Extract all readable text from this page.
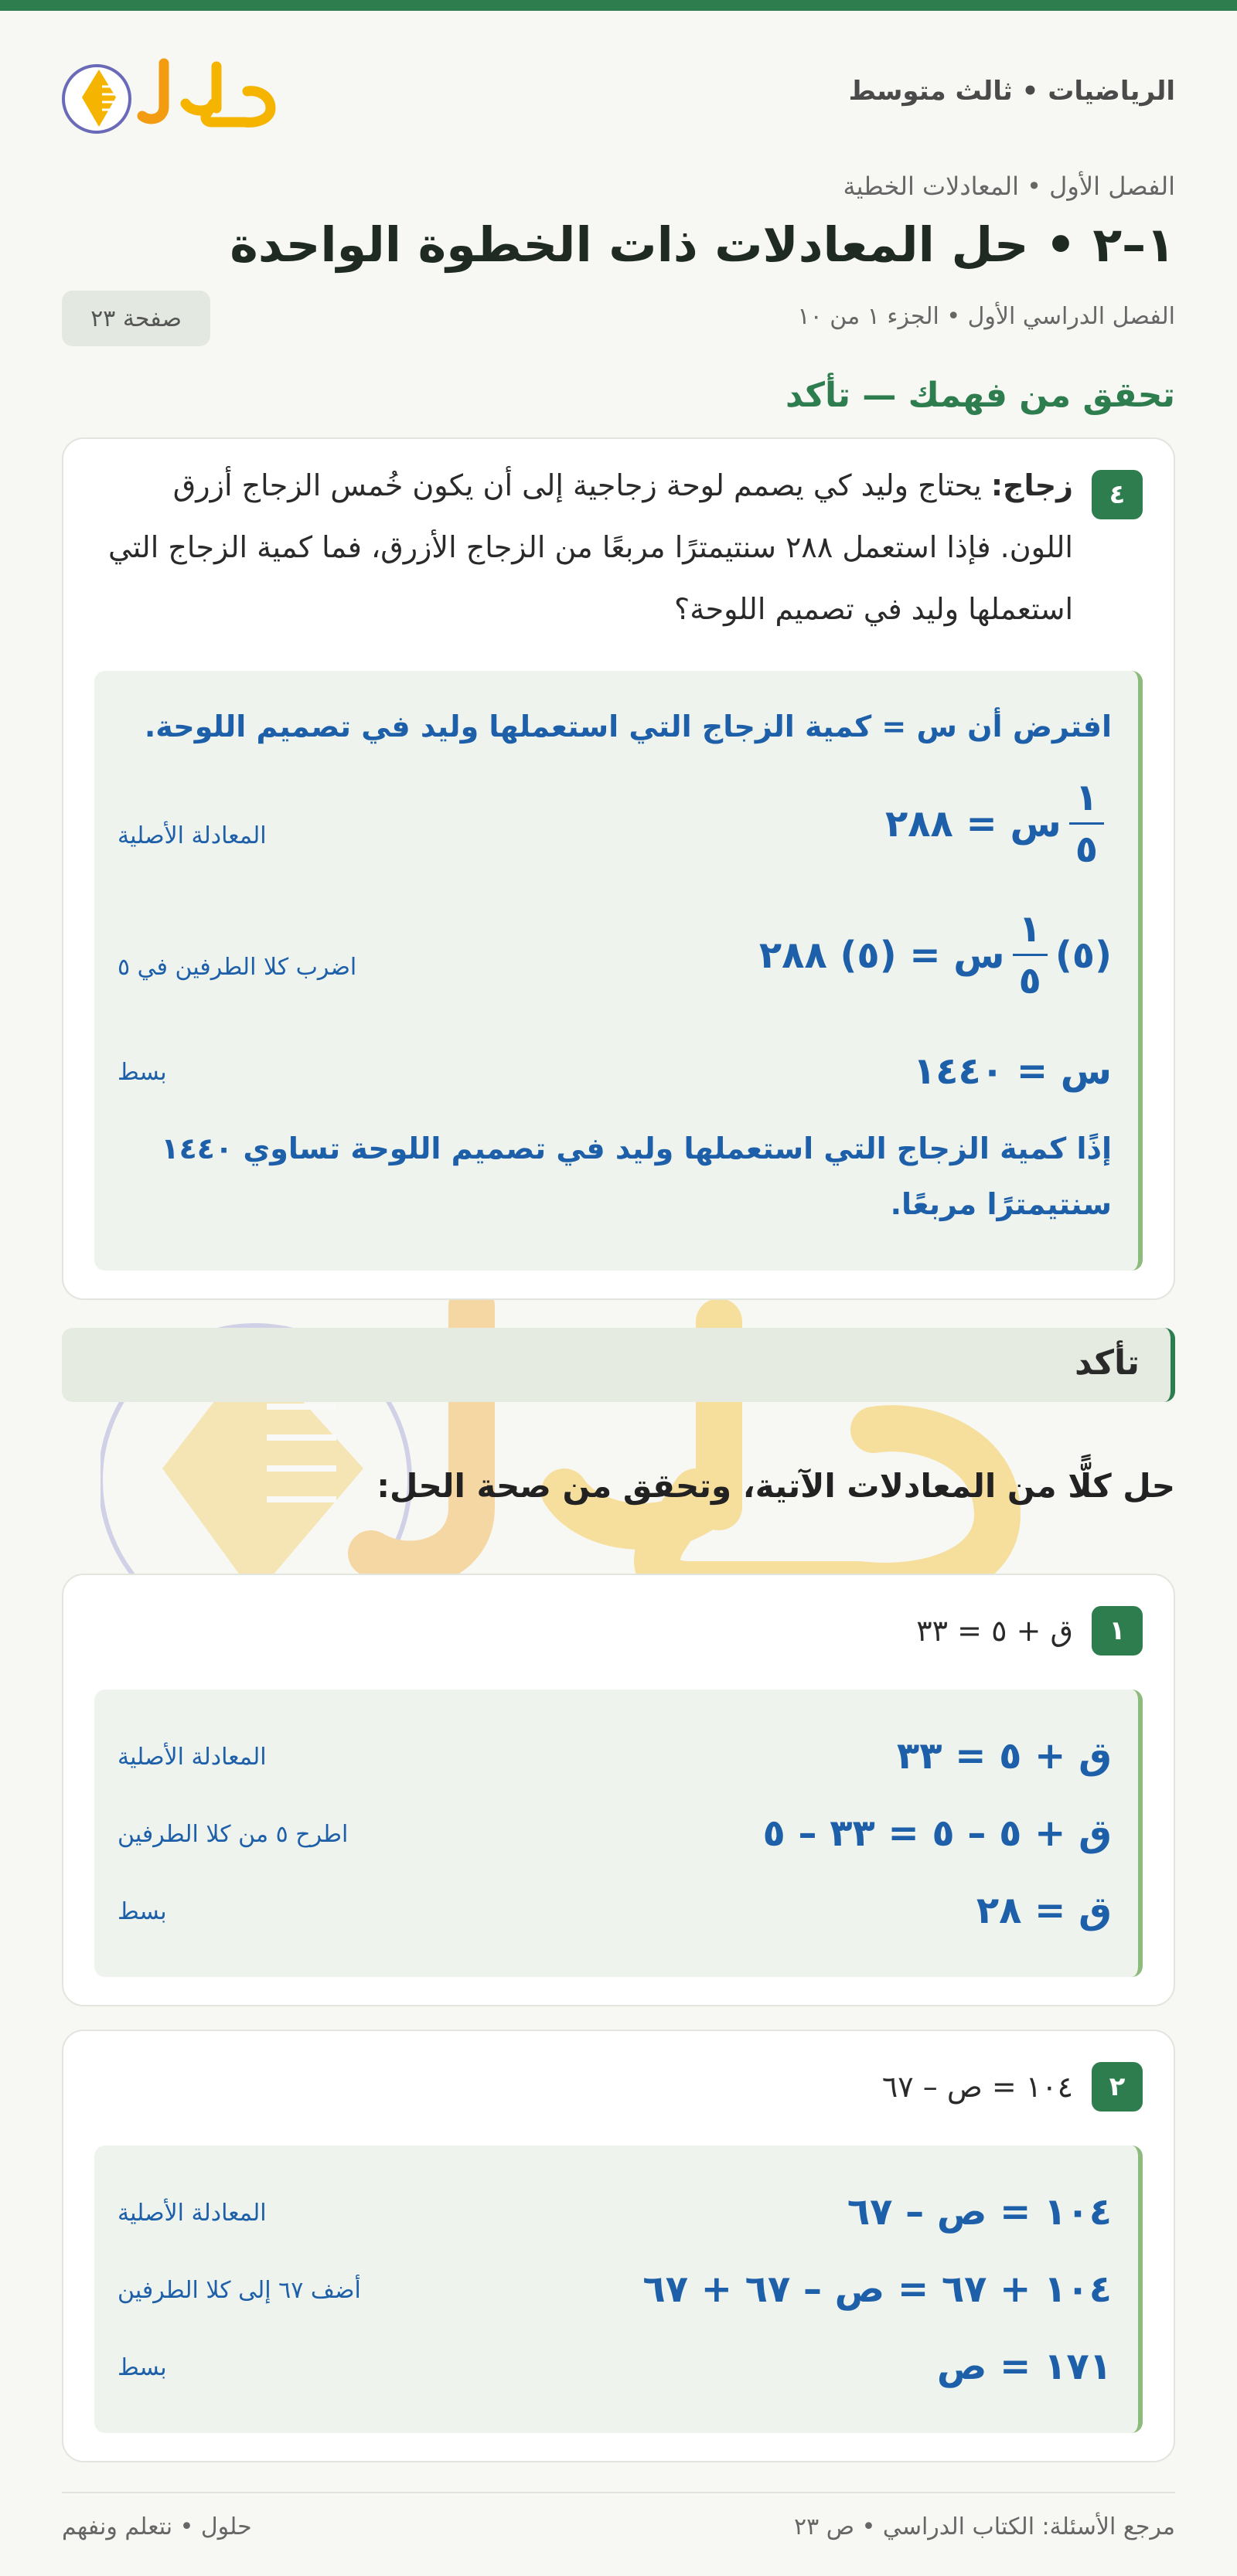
الرياضيات • ثالث متوسط
الفصل الأول • المعادلات الخطية
١–٢ • حل المعادلات ذات الخطوة الواحدة
الفصل الدراسي الأول • الجزء ١ من ١٠
صفحة ٢٣
تحقق من فهمك — تأكد
٤
زجاج: يحتاج وليد كي يصمم لوحة زجاجية إلى أن يكون خُمس الزجاج أزرق اللون. فإذا استعمل ٢٨٨ سنتيمترًا مربعًا من الزجاج الأزرق، فما كمية الزجاج التي استعملها وليد في تصميم اللوحة؟
افترض أن س = كمية الزجاج التي استعملها وليد في تصميم اللوحة.
$\frac{١}{٥}$
س = ٢٨٨
المعادلة الأصلية
(٥)
$\frac{١}{٥}$
س = (٥) ٢٨٨
اضرب كلا الطرفين في ٥
س = ١٤٤٠
بسط
إذًا كمية الزجاج التي استعملها وليد في تصميم اللوحة تساوي ١٤٤٠ سنتيمترًا مربعًا.
تأكد
حل كلًّا من المعادلات الآتية، وتحقق من صحة الحل:
١
ق + ٥ = ٣٣
ق + ٥ = ٣٣
المعادلة الأصلية
ق + ٥ – ٥ = ٣٣ – ٥
اطرح ٥ من كلا الطرفين
ق = ٢٨
بسط
٢
١٠٤ = ص – ٦٧
١٠٤ = ص – ٦٧
المعادلة الأصلية
١٠٤ + ٦٧ = ص – ٦٧ + ٦٧
أضف ٦٧ إلى كلا الطرفين
١٧١ = ص
بسط
حلول • نتعلم ونفهم	مرجع الأسئلة: الكتاب الدراسي • ص ٢٣
